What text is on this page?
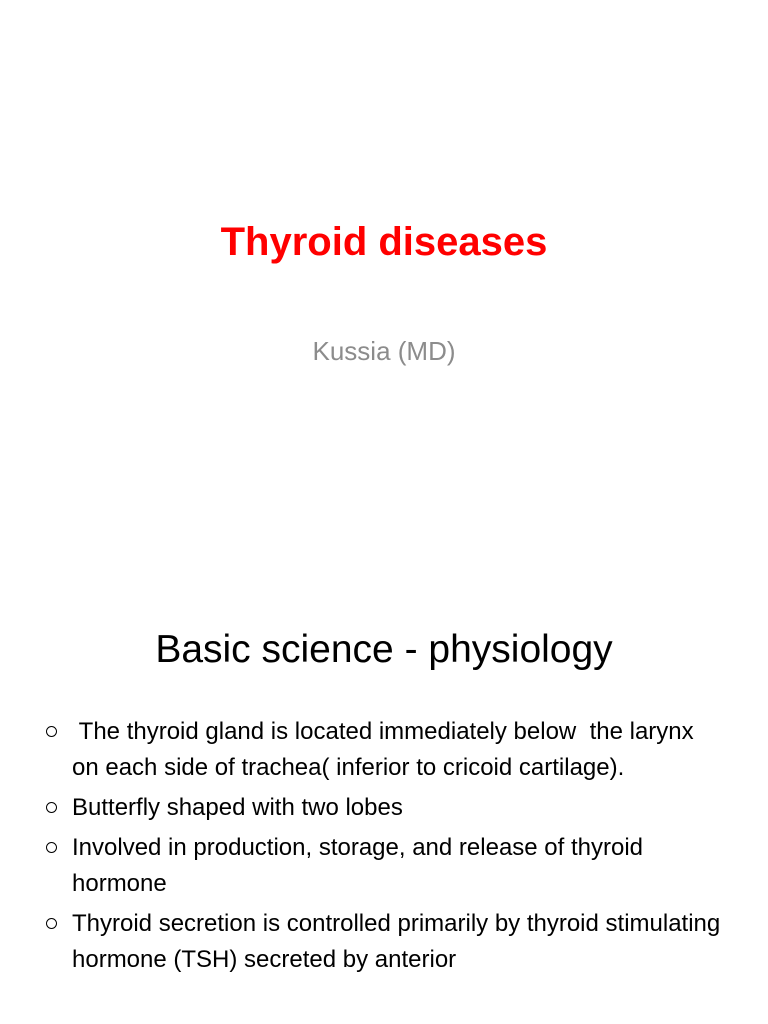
Thyroid diseases
Kussia (MD)
Basic science - physiology
The thyroid gland is located immediately below  the larynx on each side of trachea( inferior to cricoid cartilage).
Butterfly shaped with two lobes
Involved in production, storage, and release of thyroid hormone
Thyroid secretion is controlled primarily by thyroid stimulating hormone (TSH) secreted by anterior
